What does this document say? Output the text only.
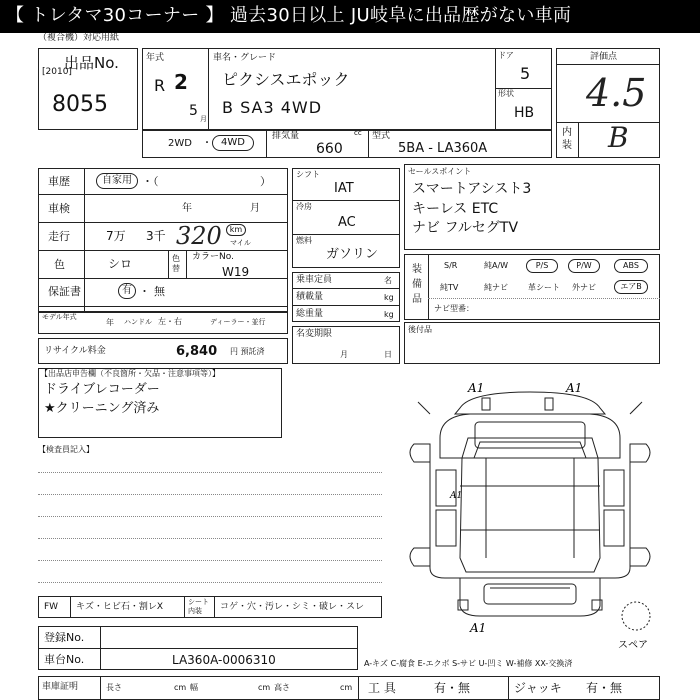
【 トレタマ30コーナー 】 過去30日以上 JU岐阜に出品歴がない車両
（複合機）対応用紙
出品No.
[2010]
8055
年式
R 2
5 月
車名・グレード
ピクシスエポック
B SA3 4WD
ドア
5
形状
HB
評価点
4.5
内装 B
2WD ・ 4WD
排気量	cc
660
型式
5BA - LA360A
車歴	自家用 ・（	）
車検	年	月
走行	7万 3千 320 km
マイル
色	シロ	色替
カラーNo.
W19
保証書	有 ・ 無
モデル年式
年 ハンドル 左・右	ディーラー・並行
リサイクル料金	6,840 円 預託済
シフト
IAT
冷房
AC
燃料
ガソリン
乗車定員	名
積載量	kg
総重量	kg
名変期限
月	日
セールスポイント
スマートアシスト3
キーレス ETC
ナビ フルセグTV
装備品
S/R	純A/W	P/S	P/W	ABS
純TV	純ナビ	革シート 外ナビ	エアB
ナビ型番：
後付品
【出品店申告欄（不良箇所・欠品・注意事項等）】
ドライブレコーダー
★クリーニング済み
【検査員記入】
A1	A1
A1
A1
スペア
FW キズ・ヒビ石・割レX	シート内装	コゲ・穴・汚レ・シミ・破レ・スレ
登録No.
車台No.	LA360A-0006310	A-キズ C-腐食 E-エクボ S-サビ U-凹ミ W-補修 XX-交換済
車庫証明	長さ	cm 幅	cm 高さ	cm 工 具	有・無	ジャッキ 有・無
